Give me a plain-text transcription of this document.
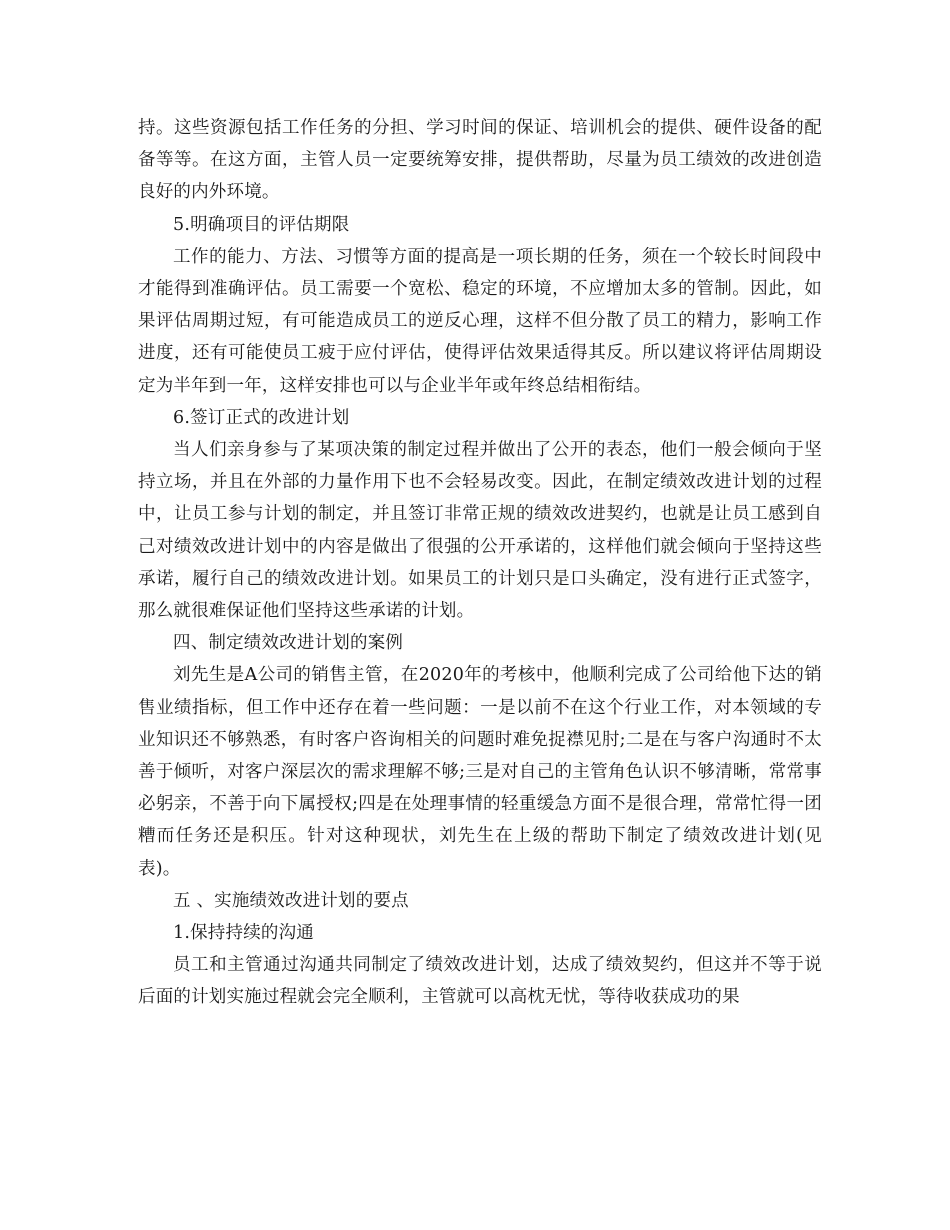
持。这些资源包括工作任务的分担、学习时间的保证、培训机会的提供、硬件设备的配备等等。在这方面，主管人员一定要统筹安排，提供帮助，尽量为员工绩效的改进创造良好的内外环境。

5.明确项目的评估期限

工作的能力、方法、习惯等方面的提高是一项长期的任务，须在一个较长时间段中才能得到准确评估。员工需要一个宽松、稳定的环境，不应增加太多的管制。因此，如果评估周期过短，有可能造成员工的逆反心理，这样不但分散了员工的精力，影响工作进度，还有可能使员工疲于应付评估，使得评估效果适得其反。所以建议将评估周期设定为半年到一年，这样安排也可以与企业半年或年终总结相衔结。

6.签订正式的改进计划

当人们亲身参与了某项决策的制定过程并做出了公开的表态，他们一般会倾向于坚持立场，并且在外部的力量作用下也不会轻易改变。因此，在制定绩效改进计划的过程中，让员工参与计划的制定，并且签订非常正规的绩效改进契约，也就是让员工感到自己对绩效改进计划中的内容是做出了很强的公开承诺的，这样他们就会倾向于坚持这些承诺，履行自己的绩效改进计划。如果员工的计划只是口头确定，没有进行正式签字，那么就很难保证他们坚持这些承诺的计划。

四、制定绩效改进计划的案例

刘先生是A公司的销售主管，在2020年的考核中，他顺利完成了公司给他下达的销售业绩指标，但工作中还存在着一些问题：一是以前不在这个行业工作，对本领域的专业知识还不够熟悉，有时客户咨询相关的问题时难免捉襟见肘;二是在与客户沟通时不太善于倾听，对客户深层次的需求理解不够;三是对自己的主管角色认识不够清晰，常常事必躬亲，不善于向下属授权;四是在处理事情的轻重缓急方面不是很合理，常常忙得一团糟而任务还是积压。针对这种现状，刘先生在上级的帮助下制定了绩效改进计划(见表)。

五 、实施绩效改进计划的要点

1.保持持续的沟通

员工和主管通过沟通共同制定了绩效改进计划，达成了绩效契约，但这并不等于说后面的计划实施过程就会完全顺利，主管就可以高枕无忧，等待收获成功的果
